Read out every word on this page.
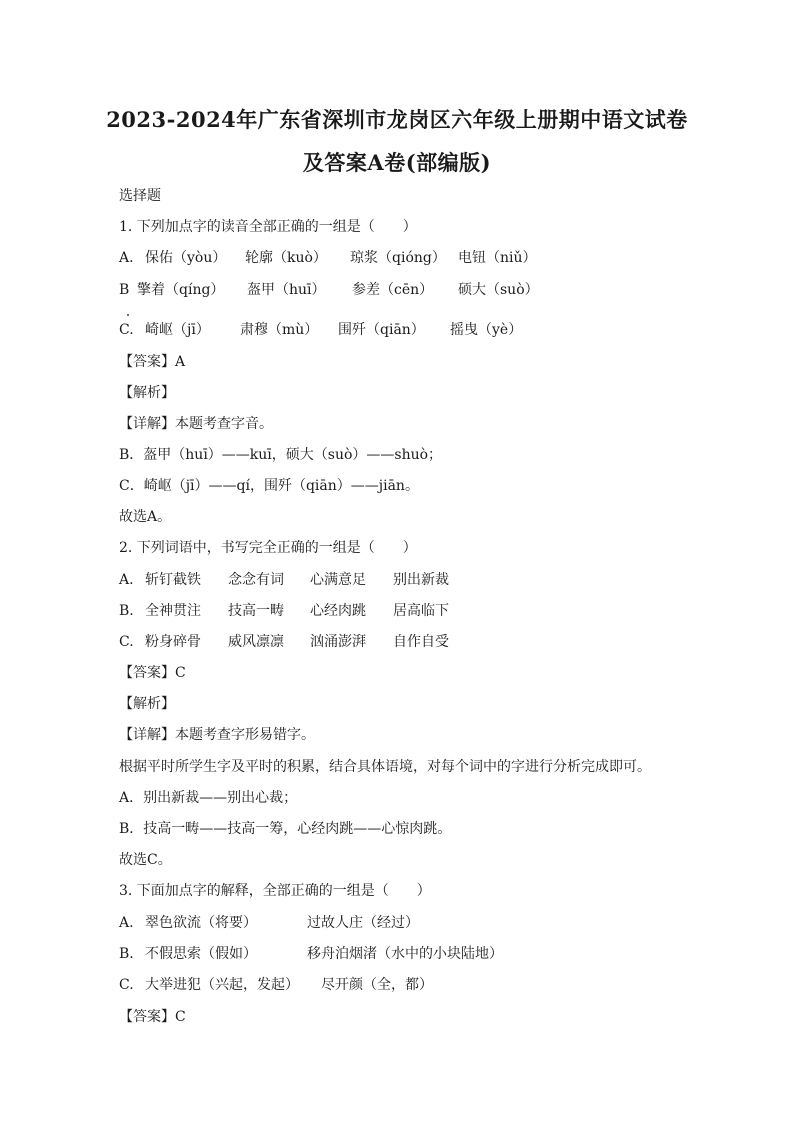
2023-2024年广东省深圳市龙岗区六年级上册期中语文试卷
及答案A卷(部编版)
选择题
1. 下列加点字的读音全部正确的一组是（　　）
A. 保佑（yòu）	轮廓（kuò）	琼浆（qióng） 电钮（niǔ）
B 擎着（qíng）	盔甲（huī）	参差（cēn）	硕大（suò）
C. 崎岖（jī）	肃穆（mù）	围歼（qiān）	摇曳（yè）
【答案】A
【解析】
【详解】本题考查字音。
B．盔甲（huī）——kuī，硕大（suò）——shuò；
C．崎岖（jī）——qí，围歼（qiān）——jiān。
故选A。
2. 下列词语中，书写完全正确的一组是（　　）
A. 斩钉截铁	念念有词	心满意足	别出新裁
B. 全神贯注	技高一畴	心经肉跳	居高临下
C. 粉身碎骨	威风凛凛	汹涌澎湃	自作自受
【答案】C
【解析】
【详解】本题考查字形易错字。
根据平时所学生字及平时的积累，结合具体语境，对每个词中的字进行分析完成即可。
A．别出新裁——别出心裁；
B．技高一畴——技高一筹，心经肉跳——心惊肉跳。
故选C。
3. 下面加点字的解释，全部正确的一组是（　　）
A. 翠色欲流（将要）	过故人庄（经过）
B. 不假思索（假如）	移舟泊烟渚（水中的小块陆地）
C. 大举进犯（兴起，发起）	尽开颜（全，都）
【答案】C
